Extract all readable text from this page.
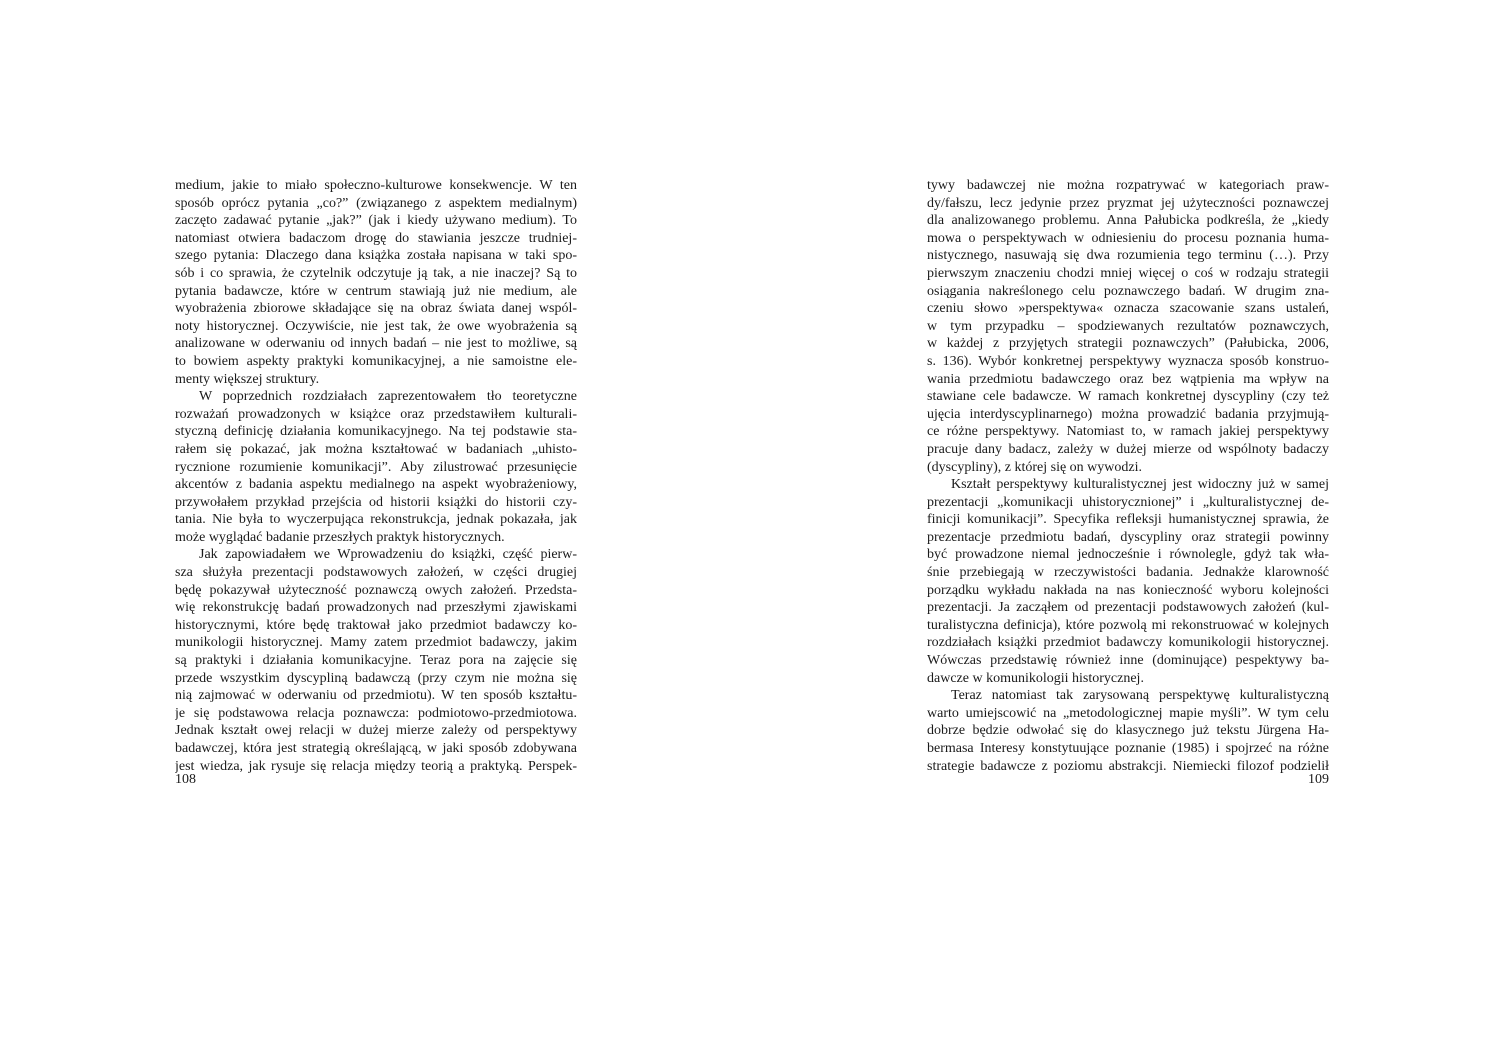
medium, jakie to miało społeczno-kulturowe konsekwencje. W ten
sposób oprócz pytania „co?” (związanego z aspektem medialnym)
zaczęto zadawać pytanie „jak?” (jak i kiedy używano medium). To
natomiast otwiera badaczom drogę do stawiania jeszcze trudniej-
szego pytania: Dlaczego dana książka została napisana w taki spo-
sób i co sprawia, że czytelnik odczytuje ją tak, a nie inaczej? Są to
pytania badawcze, które w centrum stawiają już nie medium, ale
wyobrażenia zbiorowe składające się na obraz świata danej wspól-
noty historycznej. Oczywiście, nie jest tak, że owe wyobrażenia są
analizowane w oderwaniu od innych badań – nie jest to możliwe, są
to bowiem aspekty praktyki komunikacyjnej, a nie samoistne ele-
menty większej struktury.
W poprzednich rozdziałach zaprezentowałem tło teoretyczne
rozważań prowadzonych w książce oraz przedstawiłem kulturali-
styczną definicję działania komunikacyjnego. Na tej podstawie sta-
rałem się pokazać, jak można kształtować w badaniach „uhisto-
rycznione rozumienie komunikacji”. Aby zilustrować przesunięcie
akcentów z badania aspektu medialnego na aspekt wyobrażeniowy,
przywołałem przykład przejścia od historii książki do historii czy-
tania. Nie była to wyczerpująca rekonstrukcja, jednak pokazała, jak
może wyglądać badanie przeszłych praktyk historycznych.
Jak zapowiadałem we Wprowadzeniu do książki, część pierw-
sza służyła prezentacji podstawowych założeń, w części drugiej
będę pokazywał użyteczność poznawczą owych założeń. Przedsta-
wię rekonstrukcję badań prowadzonych nad przeszłymi zjawiskami
historycznymi, które będę traktował jako przedmiot badawczy ko-
munikologii historycznej. Mamy zatem przedmiot badawczy, jakim
są praktyki i działania komunikacyjne. Teraz pora na zajęcie się
przede wszystkim dyscypliną badawczą (przy czym nie można się
nią zajmować w oderwaniu od przedmiotu). W ten sposób kształtu-
je się podstawowa relacja poznawcza: podmiotowo-przedmiotowa.
Jednak kształt owej relacji w dużej mierze zależy od perspektywy
badawczej, która jest strategią określającą, w jaki sposób zdobywana
jest wiedza, jak rysuje się relacja między teorią a praktyką. Perspek-
108
tywy badawczej nie można rozpatrywać w kategoriach praw-
dy/fałszu, lecz jedynie przez pryzmat jej użyteczności poznawczej
dla analizowanego problemu. Anna Pałubicka podkreśla, że „kiedy
mowa o perspektywach w odniesieniu do procesu poznania huma-
nistycznego, nasuwają się dwa rozumienia tego terminu (…). Przy
pierwszym znaczeniu chodzi mniej więcej o coś w rodzaju strategii
osiągania nakreślonego celu poznawczego badań. W drugim zna-
czeniu słowo »perspektywa« oznacza szacowanie szans ustaleń,
w tym przypadku – spodziewanych rezultatów poznawczych,
w każdej z przyjętych strategii poznawczych” (Pałubicka, 2006,
s. 136). Wybór konkretnej perspektywy wyznacza sposób konstruo-
wania przedmiotu badawczego oraz bez wątpienia ma wpływ na
stawiane cele badawcze. W ramach konkretnej dyscypliny (czy też
ujęcia interdyscyplinarnego) można prowadzić badania przyjmują-
ce różne perspektywy. Natomiast to, w ramach jakiej perspektywy
pracuje dany badacz, zależy w dużej mierze od wspólnoty badaczy
(dyscypliny), z której się on wywodzi.
Kształt perspektywy kulturalistycznej jest widoczny już w samej
prezentacji „komunikacji uhistorycznionej” i „kulturalistycznej de-
finicji komunikacji”. Specyfika refleksji humanistycznej sprawia, że
prezentacje przedmiotu badań, dyscypliny oraz strategii powinny
być prowadzone niemal jednocześnie i równolegle, gdyż tak wła-
śnie przebiegają w rzeczywistości badania. Jednakże klarowność
porządku wykładu nakłada na nas konieczność wyboru kolejności
prezentacji. Ja zacząłem od prezentacji podstawowych założeń (kul-
turalistyczna definicja), które pozwolą mi rekonstruować w kolejnych
rozdziałach książki przedmiot badawczy komunikologii historycznej.
Wówczas przedstawię również inne (dominujące) pespektywy ba-
dawcze w komunikologii historycznej.
Teraz natomiast tak zarysowaną perspektywę kulturalistyczną
warto umiejscowić na „metodologicznej mapie myśli”. W tym celu
dobrze będzie odwołać się do klasycznego już tekstu Jürgena Ha-
bermasa Interesy konstytuujące poznanie (1985) i spojrzeć na różne
strategie badawcze z poziomu abstrakcji. Niemiecki filozof podzielił
109
